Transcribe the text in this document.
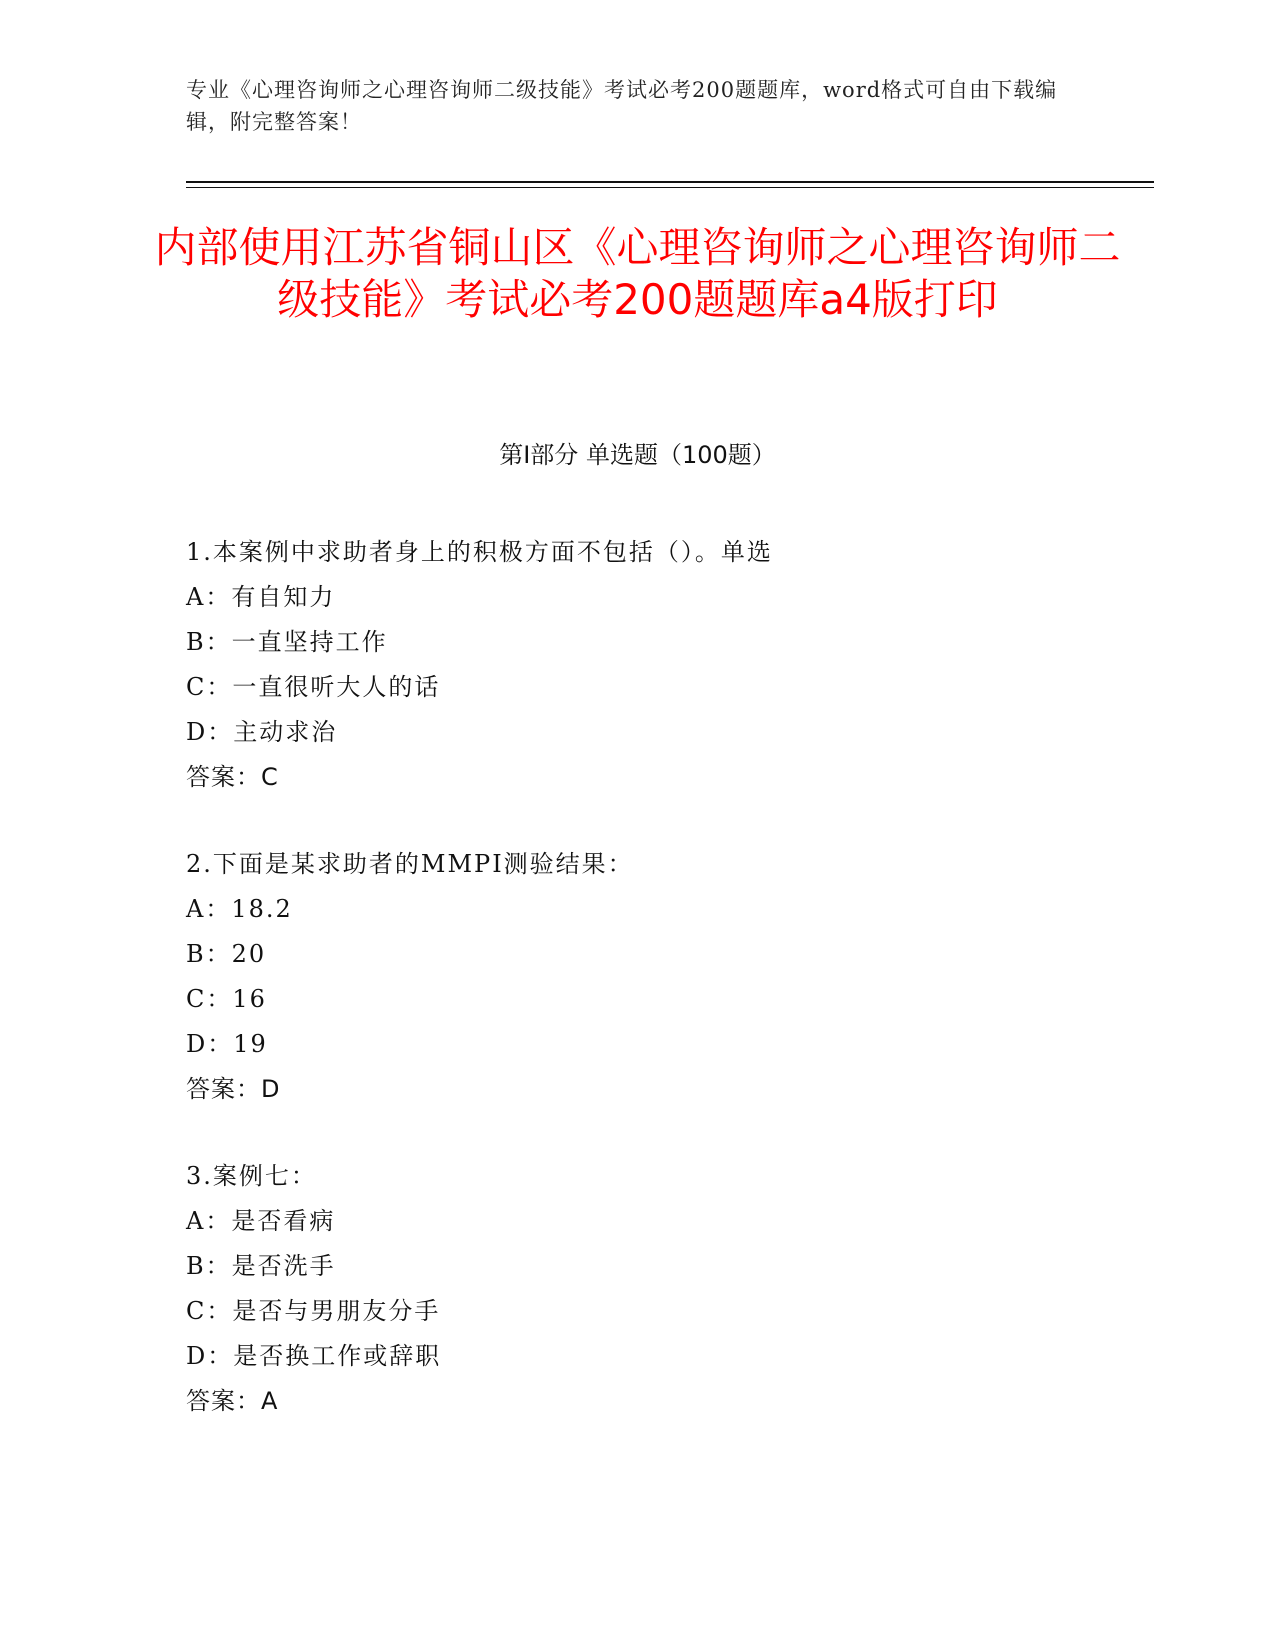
专业《心理咨询师之心理咨询师二级技能》考试必考200题题库，word格式可自由下载编辑，附完整答案！
内部使用江苏省铜山区《心理咨询师之心理咨询师二级技能》考试必考200题题库a4版打印
第Ⅰ部分 单选题（100题）
1.本案例中求助者身上的积极方面不包括（）。单选
A：有自知力
B：一直坚持工作
C：一直很听大人的话
D：主动求治
答案：C
2.下面是某求助者的MMPI测验结果：
A：18.2
B：20
C：16
D：19
答案：D
3.案例七：
A：是否看病
B：是否洗手
C：是否与男朋友分手
D：是否换工作或辞职
答案：A
